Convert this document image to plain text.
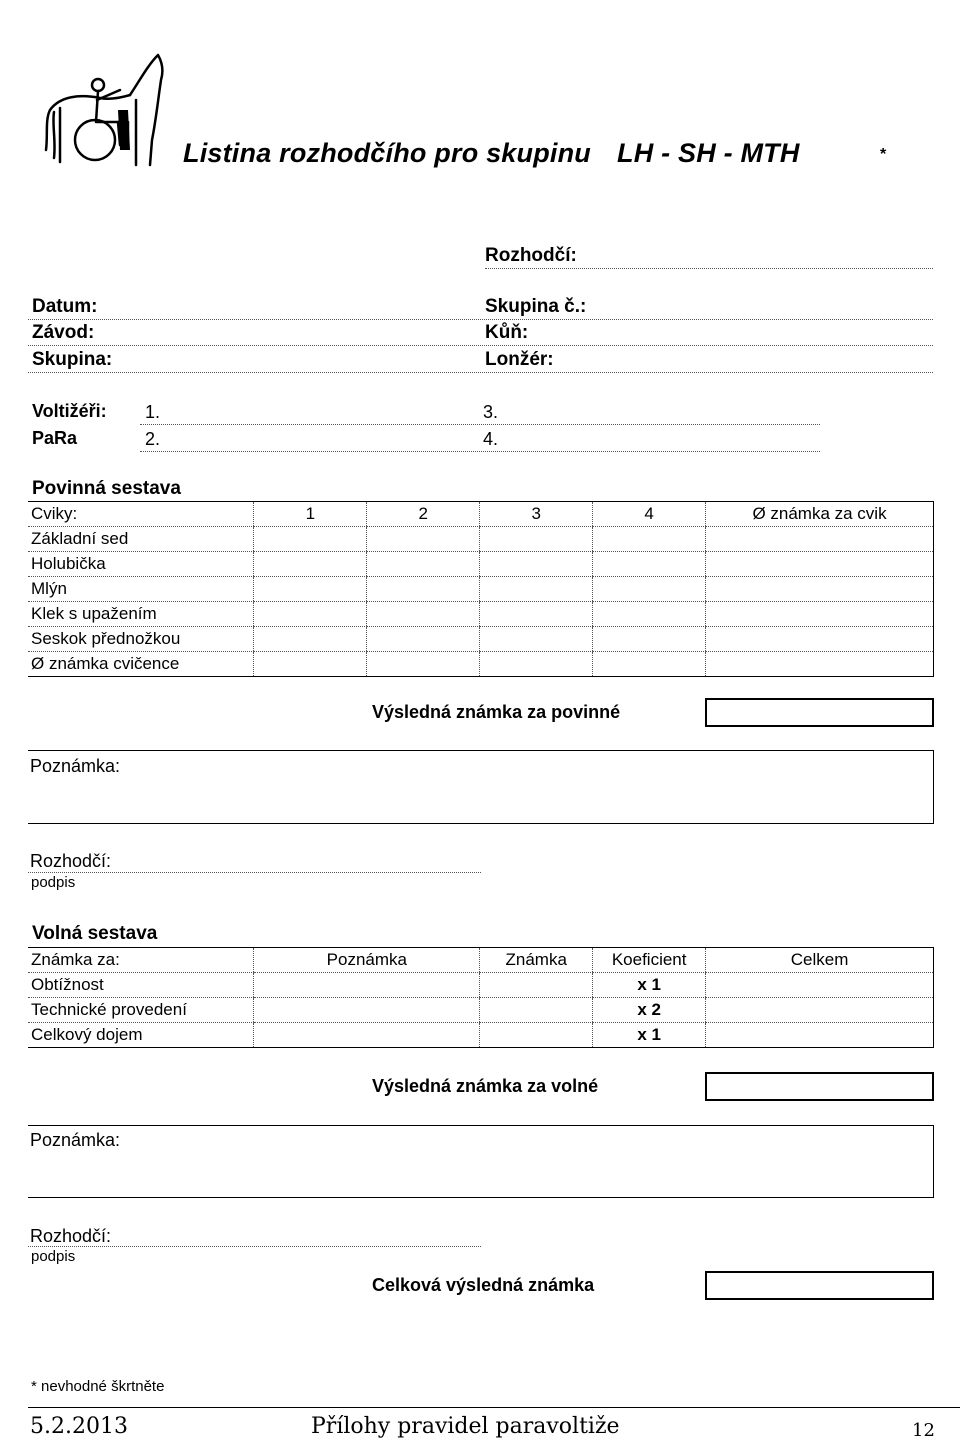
Listina rozhodčího pro skupinu LH - SH - MTH	*
Rozhodčí:
Datum:
Závod:
Skupina:
Skupina č.:
Kůň:
Lonžér:
Voltižéři:
PaRa
1.
2.
3.
4.
Povinná sestava
Cviky:	1	2	3	4	Ø známka za cvik
Základní sed					
Holubička					
Mlýn					
Klek s upažením					
Seskok přednožkou					
Ø známka cvičence					
Výsledná známka za povinné
Poznámka:
Rozhodčí:
podpis
Volná sestava
Známka za:	Poznámka	Známka	Koeficient	Celkem
Obtížnost			x 1	
Technické provedení			x 2	
Celkový dojem			x 1	
Výsledná známka za volné
Poznámka:
Rozhodčí:
podpis
Celková výsledná známka
* nevhodné škrtněte
5.2.2013	Přílohy pravidel paravoltiže	12
